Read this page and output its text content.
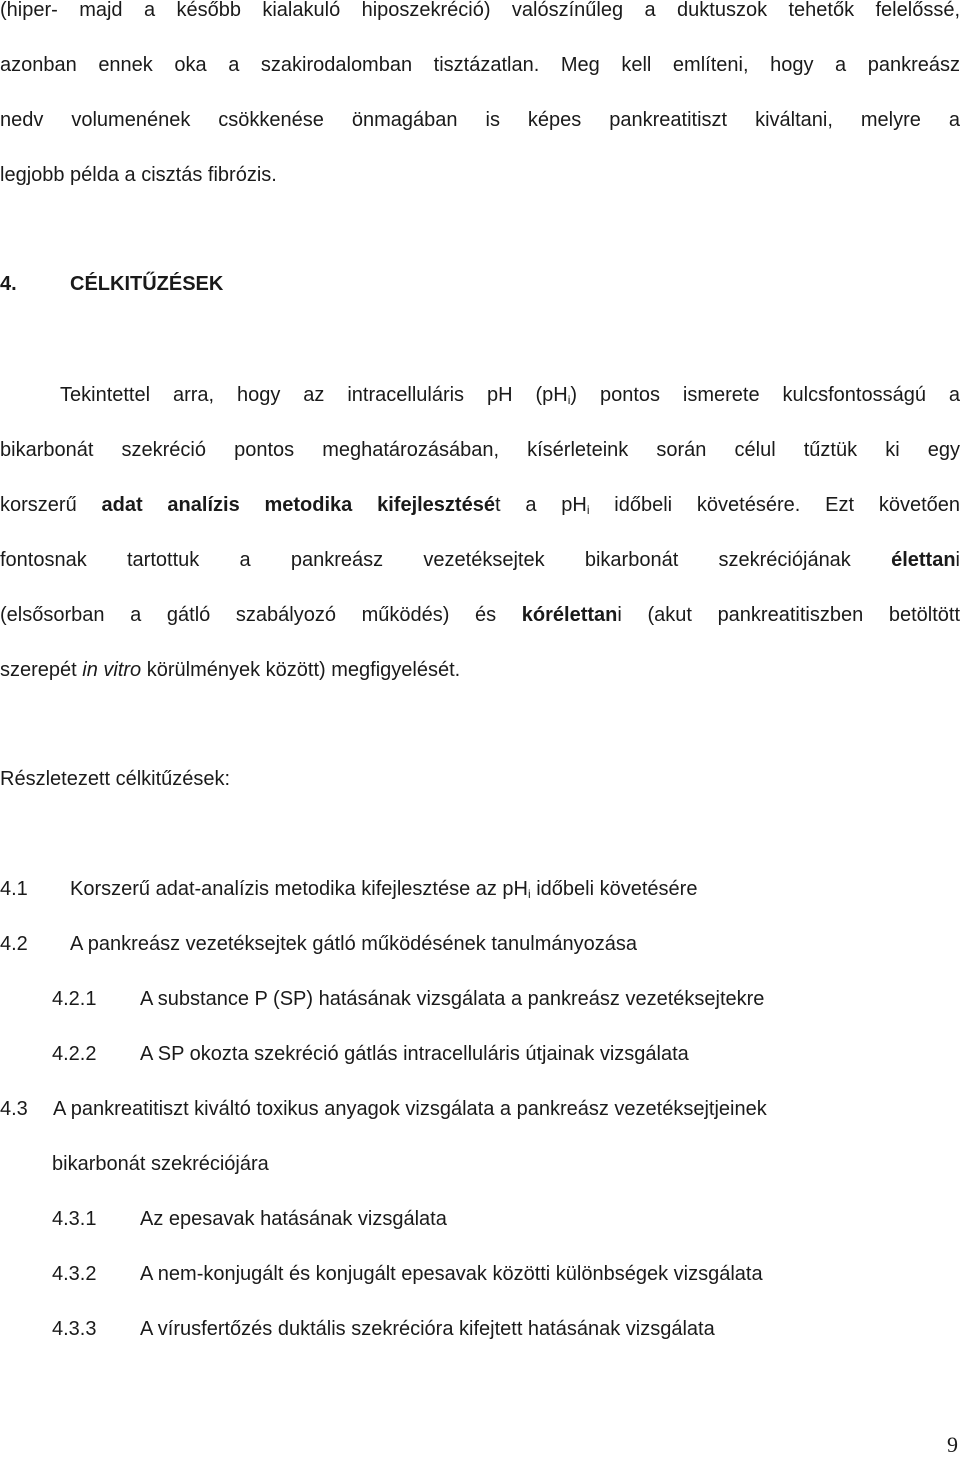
(hiper- majd a később kialakuló hiposzekréció) valószínűleg a duktuszok tehetők felelőssé,

azonban ennek oka a szakirodalomban tisztázatlan. Meg kell említeni, hogy a pankreász

nedv volumenének csökkenése önmagában is képes pankreatitiszt kiváltani, melyre a

legjobb példa a cisztás fibrózis.

4.	CÉLKITŰZÉSEK

Tekintettel arra, hogy az intracelluláris pH $(pH_i)$ pontos ismerete kulcsfontosságú a

bikarbonát szekréció pontos meghatározásában, kísérleteink során célul tűztük ki egy

korszerű adat analízis metodika kifejlesztését a $pH_i$ időbeli követésére. Ezt követően

fontosnak tartottuk a pankreász vezetéksejtek bikarbonát szekréciójának élettani

(elsősorban a gátló szabályozó működés) és kórélettani (akut pankreatitiszben betöltött

szerepét in vitro körülmények között) megfigyelését.

Részletezett célkitűzések:

4.1 Korszerű adat-analízis metodika kifejlesztése az $pH_i$ időbeli követésére
4.2 A pankreász vezetéksejtek gátló működésének tanulmányozása
4.2.1 A substance P (SP) hatásának vizsgálata a pankreász vezetéksejtekre
4.2.2 A SP okozta szekréció gátlás intracelluláris útjainak vizsgálata
4.3 A pankreatitiszt kiváltó toxikus anyagok vizsgálata a pankreász vezetéksejtjeinek
bikarbonát szekréciójára
4.3.1 Az epesavak hatásának vizsgálata
4.3.2 A nem-konjugált és konjugált epesavak közötti különbségek vizsgálata
4.3.3 A vírusfertőzés duktális szekrécióra kifejtett hatásának vizsgálata
9
